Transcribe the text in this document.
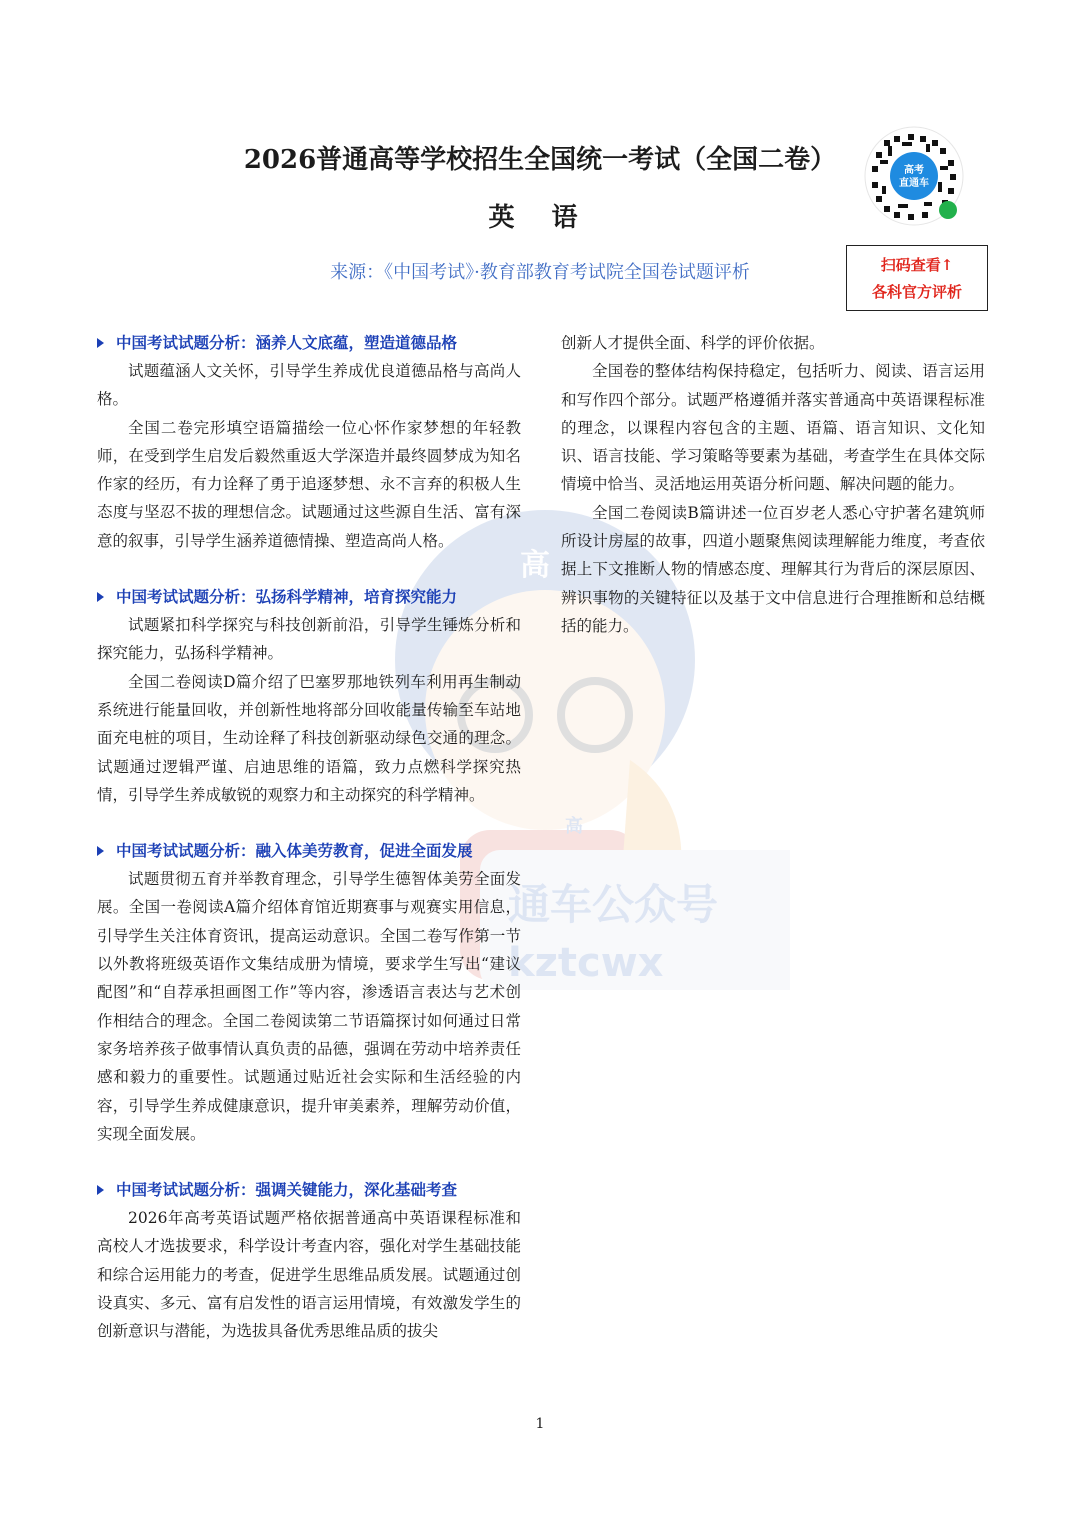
通车公众号
kztcwx
高
高
2026普通高等学校招生全国统一考试（全国二卷）
英 语
来源：《中国考试》·教育部教育考试院全国卷试题评析
高考
直通车
扫码查看↑
各科官方评析
中国考试试题分析：涵养人文底蕴，塑造道德品格

试题蕴涵人文关怀，引导学生养成优良道德品格与高尚人格。

全国二卷完形填空语篇描绘一位心怀作家梦想的年轻教师，在受到学生启发后毅然重返大学深造并最终圆梦成为知名作家的经历，有力诠释了勇于追逐梦想、永不言弃的积极人生态度与坚忍不拔的理想信念。试题通过这些源自生活、富有深意的叙事，引导学生涵养道德情操、塑造高尚人格。

中国考试试题分析：弘扬科学精神，培育探究能力

试题紧扣科学探究与科技创新前沿，引导学生锤炼分析和探究能力，弘扬科学精神。

全国二卷阅读D篇介绍了巴塞罗那地铁列车利用再生制动系统进行能量回收，并创新性地将部分回收能量传输至车站地面充电桩的项目，生动诠释了科技创新驱动绿色交通的理念。试题通过逻辑严谨、启迪思维的语篇，致力点燃科学探究热情，引导学生养成敏锐的观察力和主动探究的科学精神。

中国考试试题分析：融入体美劳教育，促进全面发展

试题贯彻五育并举教育理念，引导学生德智体美劳全面发展。全国一卷阅读A篇介绍体育馆近期赛事与观赛实用信息，引导学生关注体育资讯，提高运动意识。全国二卷写作第一节以外教将班级英语作文集结成册为情境，要求学生写出“建议配图”和“自荐承担画图工作”等内容，渗透语言表达与艺术创作相结合的理念。全国二卷阅读第二节语篇探讨如何通过日常家务培养孩子做事情认真负责的品德，强调在劳动中培养责任感和毅力的重要性。试题通过贴近社会实际和生活经验的内容，引导学生养成健康意识，提升审美素养，理解劳动价值，实现全面发展。

中国考试试题分析：强调关键能力，深化基础考查

2026年高考英语试题严格依据普通高中英语课程标准和高校人才选拔要求，科学设计考查内容，强化对学生基础技能和综合运用能力的考查，促进学生思维品质发展。试题通过创设真实、多元、富有启发性的语言运用情境，有效激发学生的创新意识与潜能，为选拔具备优秀思维品质的拔尖

创新人才提供全面、科学的评价依据。

全国卷的整体结构保持稳定，包括听力、阅读、语言运用和写作四个部分。试题严格遵循并落实普通高中英语课程标准的理念，以课程内容包含的主题、语篇、语言知识、文化知识、语言技能、学习策略等要素为基础，考查学生在具体交际情境中恰当、灵活地运用英语分析问题、解决问题的能力。

全国二卷阅读B篇讲述一位百岁老人悉心守护著名建筑师所设计房屋的故事，四道小题聚焦阅读理解能力维度，考查依据上下文推断人物的情感态度、理解其行为背后的深层原因、辨识事物的关键特征以及基于文中信息进行合理推断和总结概括的能力。

1
